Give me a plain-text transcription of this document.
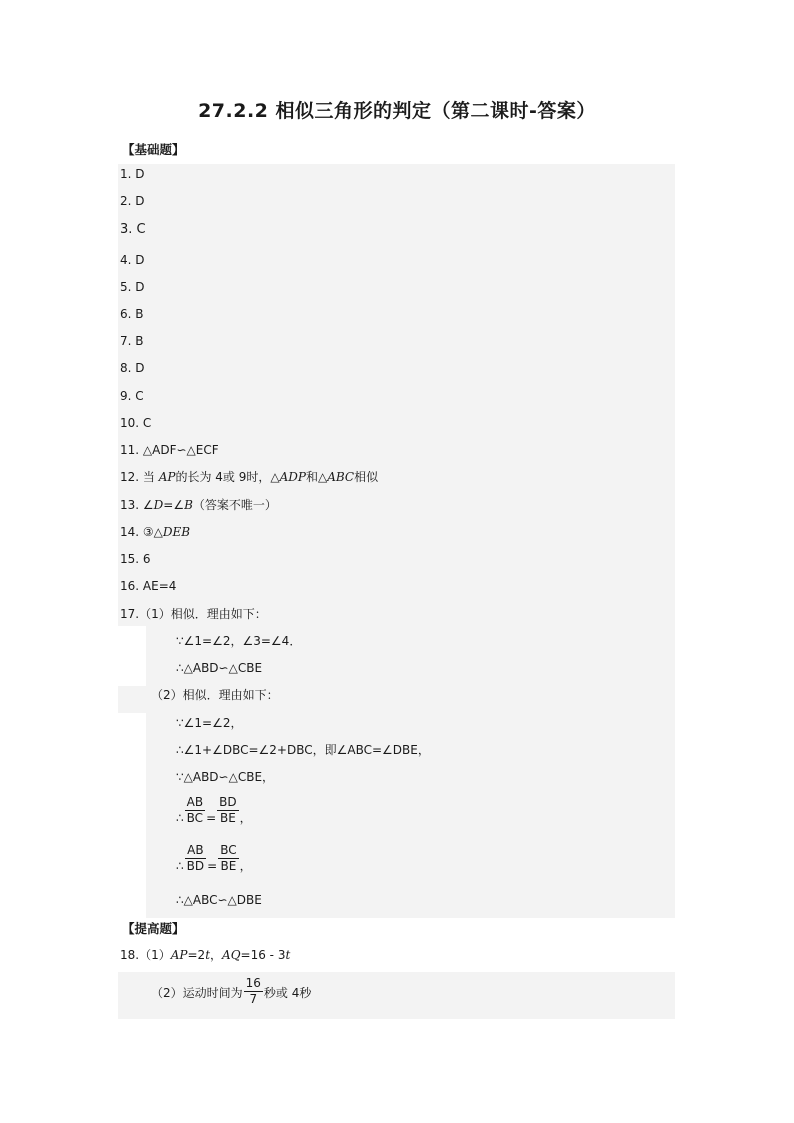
27.2.2 相似三角形的判定（第二课时-答案）
【基础题】
1. D
2. D
3. C
4. D
5. D
6. B
7. B
8. D
9. C
10. C
11. △ADF∽△ECF
12. 当 AP的长为 4或 9时，△ADP和△ABC相似
13. ∠D=∠B（答案不唯一）
14. ③△DEB
15. 6
16. AE=4
17.（1）相似．理由如下：
∵∠1=∠2，∠3=∠4．
∴△ABD∽△CBE
（2）相似．理由如下：
∵∠1=∠2，
∴∠1+∠DBC=∠2+DBC，即∠ABC=∠DBE，
∵△ABD∽△CBE，
∴ $\frac{AB}{BC} = \frac{BD}{BE}$ ，
∴ $\frac{AB}{BD} = \frac{BC}{BE}$ ，
∴△ABC∽△DBE
【提高题】
18.（1）AP=2t，AQ=16 - 3t
（2）运动时间为 $\frac{16}{7}$ 秒或 4秒
